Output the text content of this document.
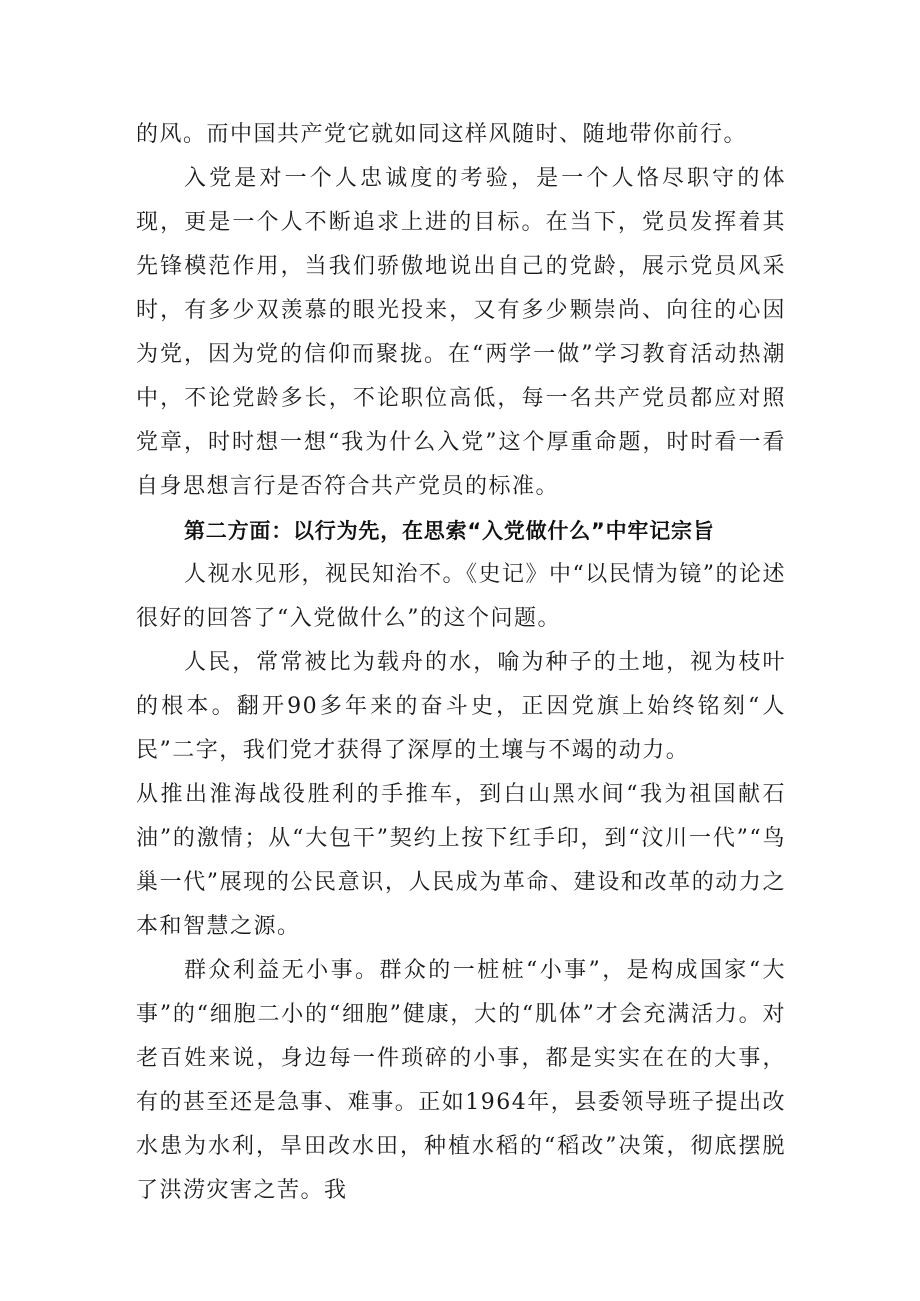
的风。而中国共产党它就如同这样风随时、随地带你前行。

入党是对一个人忠诚度的考验，是一个人恪尽职守的体现，更是一个人不断追求上进的目标。在当下，党员发挥着其先锋模范作用，当我们骄傲地说出自己的党龄，展示党员风采时，有多少双羡慕的眼光投来，又有多少颗崇尚、向往的心因为党，因为党的信仰而聚拢。在“两学一做”学习教育活动热潮中，不论党龄多长，不论职位高低，每一名共产党员都应对照党章，时时想一想“我为什么入党”这个厚重命题，时时看一看自身思想言行是否符合共产党员的标准。

第二方面：以行为先，在思索“入党做什么”中牢记宗旨

人视水见形，视民知治不。《史记》中“以民情为镜”的论述很好的回答了“入党做什么”的这个问题。

人民，常常被比为载舟的水，喻为种子的土地，视为枝叶的根本。翻开90多年来的奋斗史，正因党旗上始终铭刻“人民”二字，我们党才获得了深厚的土壤与不竭的动力。

从推出淮海战役胜利的手推车，到白山黑水间“我为祖国献石油”的激情；从“大包干”契约上按下红手印，到“汶川一代”“鸟巢一代”展现的公民意识，人民成为革命、建设和改革的动力之本和智慧之源。

群众利益无小事。群众的一桩桩“小事”，是构成国家“大事”的“细胞二小的“细胞”健康，大的“肌体”才会充满活力。对老百姓来说，身边每一件琐碎的小事，都是实实在在的大事，有的甚至还是急事、难事。正如1964年，县委领导班子提出改水患为水利，旱田改水田，种植水稻的“稻改”决策，彻底摆脱了洪涝灾害之苦。我
